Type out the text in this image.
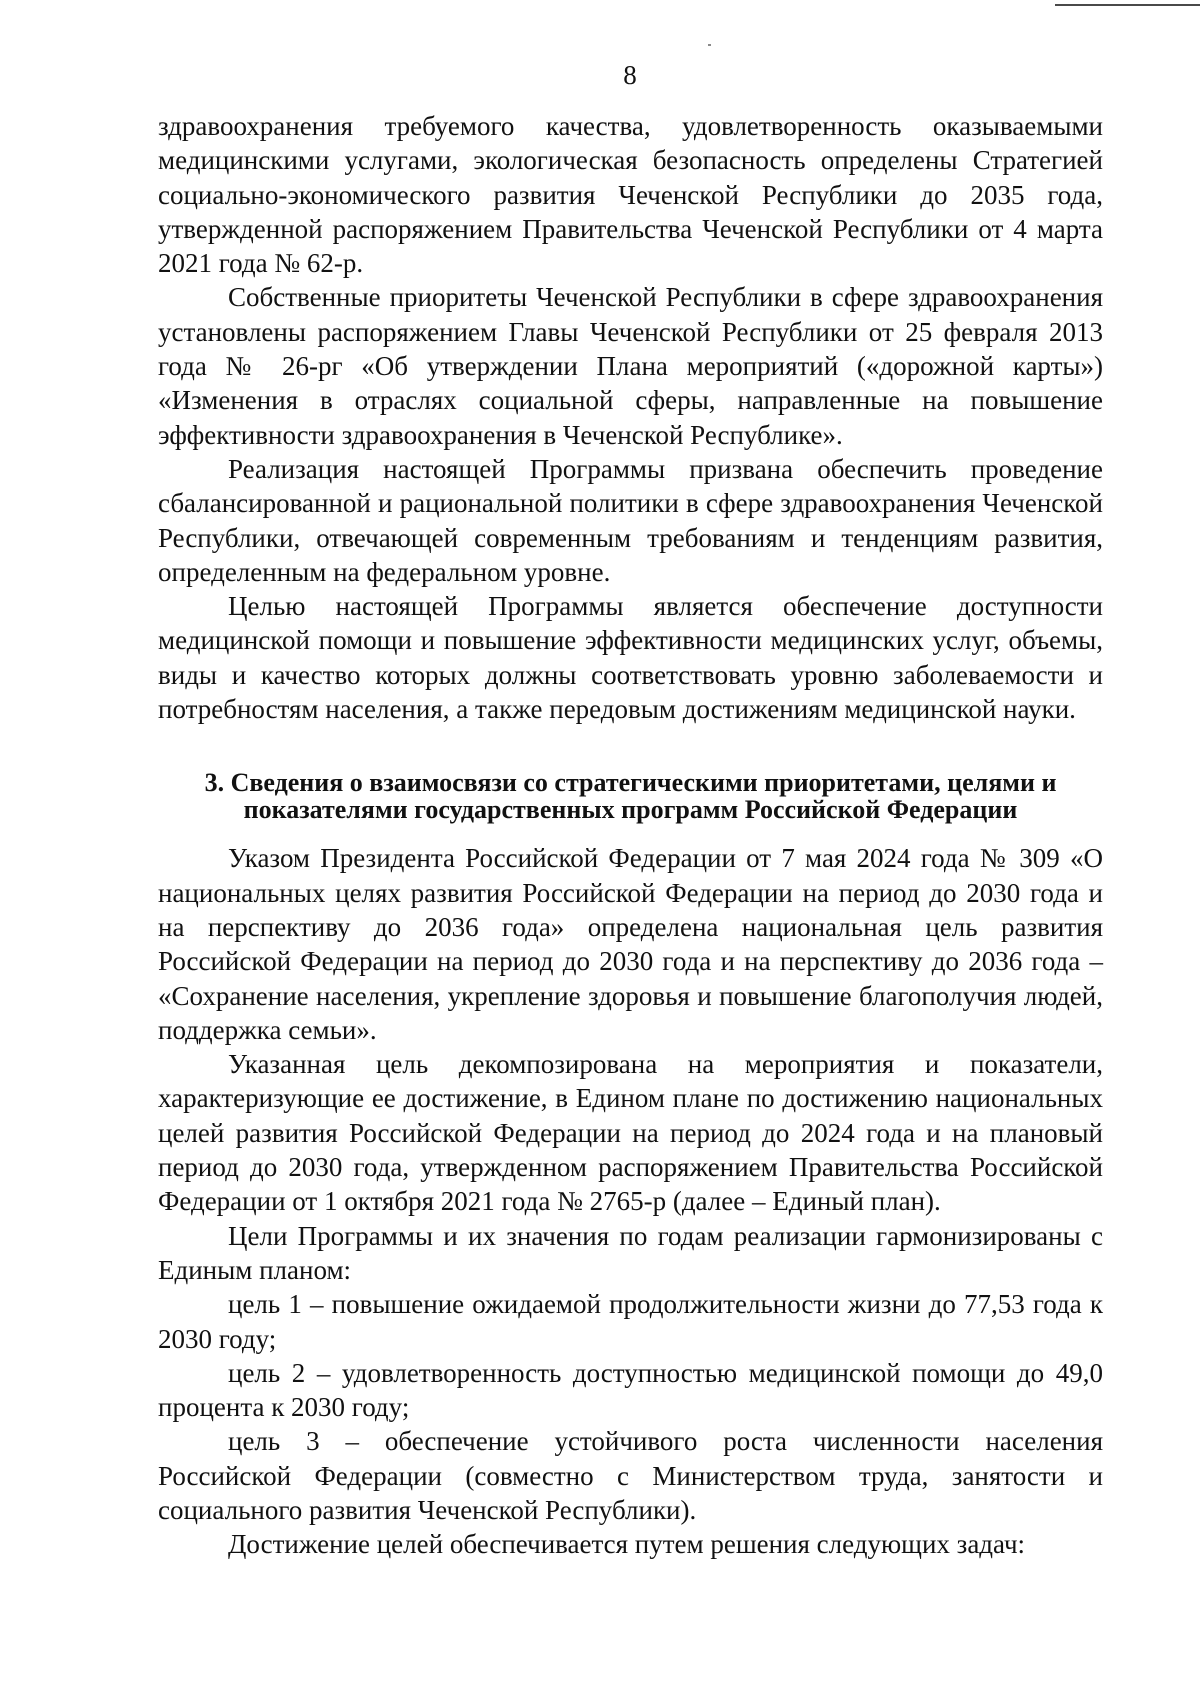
8

здравоохранения требуемого качества, удовлетворенность оказываемыми медицинскими услугами, экологическая безопасность определены Стратегией социально-экономического развития Чеченской Республики до 2035 года, утвержденной распоряжением Правительства Чеченской Республики от 4 марта 2021 года № 62-р.

Собственные приоритеты Чеченской Республики в сфере здравоохранения установлены распоряжением Главы Чеченской Республики от 25 февраля 2013 года № 26-рг «Об утверждении Плана мероприятий («дорожной карты») «Изменения в отраслях социальной сферы, направленные на повышение эффективности здравоохранения в Чеченской Республике».

Реализация настоящей Программы призвана обеспечить проведение сбалансированной и рациональной политики в сфере здравоохранения Чеченской Республики, отвечающей современным требованиям и тенденциям развития, определенным на федеральном уровне.

Целью настоящей Программы является обеспечение доступности медицинской помощи и повышение эффективности медицинских услуг, объемы, виды и качество которых должны соответствовать уровню заболеваемости и потребностям населения, а также передовым достижениям медицинской науки.

3. Сведения о взаимосвязи со стратегическими приоритетами, целями и
показателями государственных программ Российской Федерации

Указом Президента Российской Федерации от 7 мая 2024 года № 309 «О национальных целях развития Российской Федерации на период до 2030 года и на перспективу до 2036 года» определена национальная цель развития Российской Федерации на период до 2030 года и на перспективу до 2036 года – «Сохранение населения, укрепление здоровья и повышение благополучия людей, поддержка семьи».

Указанная цель декомпозирована на мероприятия и показатели, характеризующие ее достижение, в Едином плане по достижению национальных целей развития Российской Федерации на период до 2024 года и на плановый период до 2030 года, утвержденном распоряжением Правительства Российской Федерации от 1 октября 2021 года № 2765-р (далее – Единый план).

Цели Программы и их значения по годам реализации гармонизированы с Единым планом:

цель 1 – повышение ожидаемой продолжительности жизни до 77,53 года к 2030 году;

цель 2 – удовлетворенность доступностью медицинской помощи до 49,0 процента к 2030 году;

цель 3 – обеспечение устойчивого роста численности населения Российской Федерации (совместно с Министерством труда, занятости и социального развития Чеченской Республики).

Достижение целей обеспечивается путем решения следующих задач:
